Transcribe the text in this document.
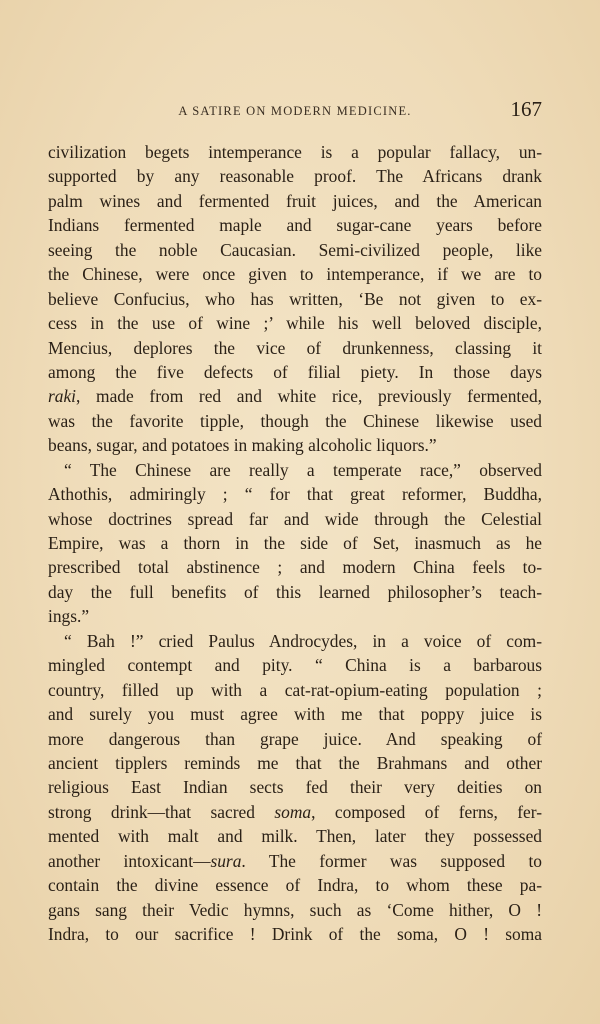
A SATIRE ON MODERN MEDICINE.	167
civilization begets intemperance is a popular fallacy, un-
supported by any reasonable proof. The Africans drank
palm wines and fermented fruit juices, and the American
Indians fermented maple and sugar-cane years before
seeing the noble Caucasian. Semi-civilized people, like
the Chinese, were once given to intemperance, if we are to
believe Confucius, who has written, ‘Be not given to ex-
cess in the use of wine ;’ while his well beloved disciple,
Mencius, deplores the vice of drunkenness, classing it
among the five defects of filial piety. In those days
raki, made from red and white rice, previously fermented,
was the favorite tipple, though the Chinese likewise used
beans, sugar, and potatoes in making alcoholic liquors.”
“ The Chinese are really a temperate race,” observed
Athothis, admiringly ; “ for that great reformer, Buddha,
whose doctrines spread far and wide through the Celestial
Empire, was a thorn in the side of Set, inasmuch as he
prescribed total abstinence ; and modern China feels to-
day the full benefits of this learned philosopher’s teach-
ings.”
“ Bah !” cried Paulus Androcydes, in a voice of com-
mingled contempt and pity. “ China is a barbarous
country, filled up with a cat-rat-opium-eating population ;
and surely you must agree with me that poppy juice is
more dangerous than grape juice. And speaking of
ancient tipplers reminds me that the Brahmans and other
religious East Indian sects fed their very deities on
strong drink—that sacred soma, composed of ferns, fer-
mented with malt and milk. Then, later they possessed
another intoxicant—sura. The former was supposed to
contain the divine essence of Indra, to whom these pa-
gans sang their Vedic hymns, such as ‘Come hither, O !
Indra, to our sacrifice ! Drink of the soma, O ! soma
